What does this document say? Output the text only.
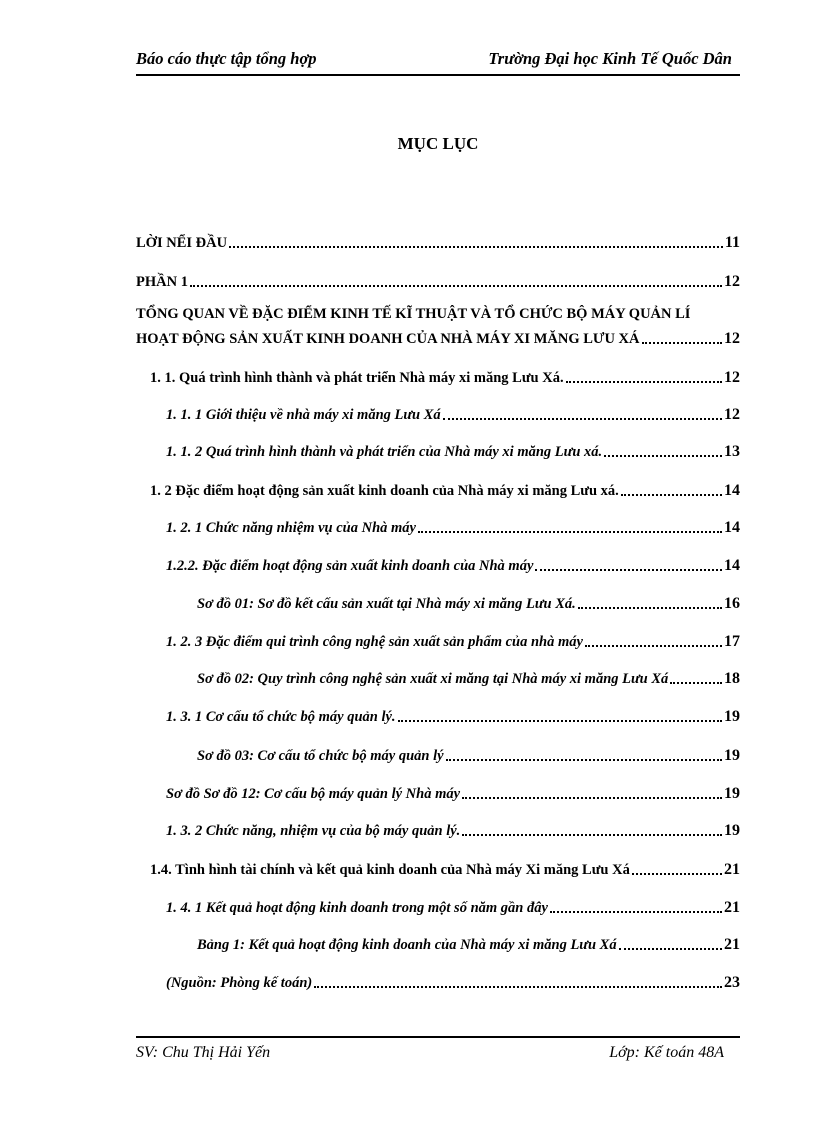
Báo cáo thực tập tổng hợp	Trường Đại học Kinh Tế Quốc Dân
MỤC LỤC
LỜI NỂI ĐẦU	11
PHẦN 1	12
TỔNG QUAN VỀ ĐẶC ĐIỂM KINH TẾ KĨ THUẬT VÀ TỔ CHỨC BỘ MÁY QUẢN LÍ
HOẠT ĐỘNG SẢN XUẤT KINH DOANH CỦA NHÀ MÁY XI MĂNG LƯU XÁ	12
1. 1. Quá trình hình thành và phát triển Nhà máy xi măng Lưu Xá.	12
1. 1. 1 Giới thiệu về nhà máy xi măng Lưu Xá	12
1. 1. 2 Quá trình hình thành và phát triển của Nhà máy xi măng Lưu xá.	13
1. 2 Đặc điểm hoạt động sản xuất kinh doanh của Nhà máy xi măng Lưu xá.	14
1. 2. 1 Chức năng nhiệm vụ của Nhà máy	14
1.2.2. Đặc điểm hoạt động sản xuất kinh doanh của Nhà máy	14
Sơ đồ 01: Sơ đồ kết cấu sản xuất tại Nhà máy xi măng Lưu Xá.	16
1. 2. 3 Đặc điểm qui trình công nghệ sản xuất sản phẩm của nhà máy	17
Sơ đồ 02: Quy trình công nghệ sản xuất xi măng tại Nhà máy xi măng Lưu Xá	18
1. 3. 1 Cơ cấu tổ chức bộ máy quản lý.	19
Sơ đồ 03: Cơ cấu tổ chức bộ máy quản lý	19
Sơ đồ Sơ đồ 12: Cơ cấu bộ máy quản lý Nhà máy	19
1. 3. 2 Chức năng, nhiệm vụ của bộ máy quản lý.	19
1.4. Tình hình tài chính và kết quả kinh doanh của Nhà máy Xi măng Lưu Xá	21
1. 4. 1 Kết quả hoạt động kinh doanh trong một số năm gần đây	21
Bảng 1: Kết quả hoạt động kinh doanh của Nhà máy xi măng Lưu Xá	21
(Nguồn: Phòng kế toán)	23
SV: Chu Thị Hải Yến	Lớp: Kế toán 48A
